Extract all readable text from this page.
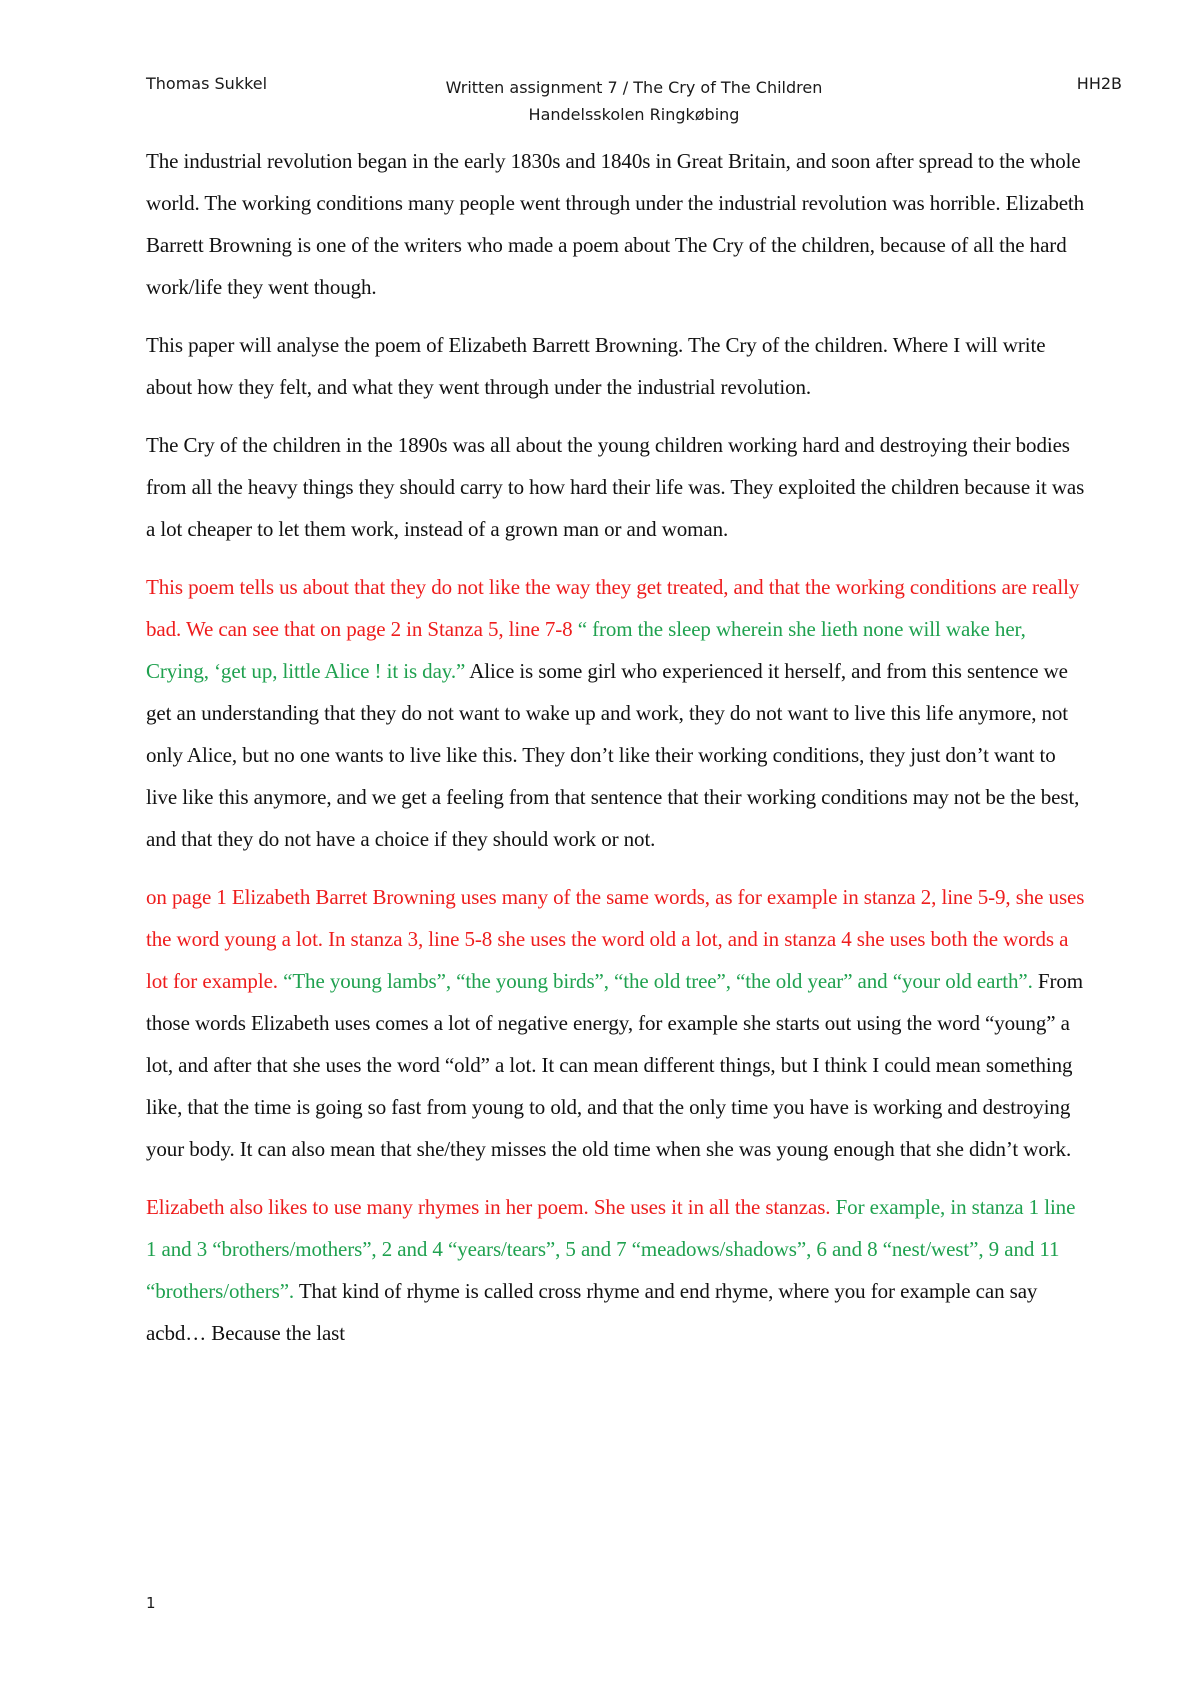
Thomas Sukkel	Written assignment 7 / The Cry of The Children
Handelsskolen Ringkøbing
HH2B

The industrial revolution began in the early 1830s and 1840s in Great Britain, and soon after spread to the whole world. The working conditions many people went through under the industrial revolution was horrible. Elizabeth Barrett Browning is one of the writers who made a poem about The Cry of the children, because of all the hard work/life they went though.

This paper will analyse the poem of Elizabeth Barrett Browning. The Cry of the children. Where I will write about how they felt, and what they went through under the industrial revolution.

The Cry of the children in the 1890s was all about the young children working hard and destroying their bodies from all the heavy things they should carry to how hard their life was. They exploited the children because it was a lot cheaper to let them work, instead of a grown man or and woman.

This poem tells us about that they do not like the way they get treated, and that the working conditions are really bad. We can see that on page 2 in Stanza 5, line 7-8 “ from the sleep wherein she lieth none will wake her, Crying, ‘get up, little Alice ! it is day.” Alice is some girl who experienced it herself, and from this sentence we get an understanding that they do not want to wake up and work, they do not want to live this life anymore, not only Alice, but no one wants to live like this. They don’t like their working conditions, they just don’t want to live like this anymore, and we get a feeling from that sentence that their working conditions may not be the best, and that they do not have a choice if they should work or not.

on page 1 Elizabeth Barret Browning uses many of the same words, as for example in stanza 2, line 5-9, she uses the word young a lot. In stanza 3, line 5-8 she uses the word old a lot, and in stanza 4 she uses both the words a lot for example. “The young lambs”, “the young birds”, “the old tree”, “the old year” and “your old earth”. From those words Elizabeth uses comes a lot of negative energy, for example she starts out using the word “young” a lot, and after that she uses the word “old” a lot. It can mean different things, but I think I could mean something like, that the time is going so fast from young to old, and that the only time you have is working and destroying your body. It can also mean that she/they misses the old time when she was young enough that she didn’t work.

Elizabeth also likes to use many rhymes in her poem. She uses it in all the stanzas. For example, in stanza 1 line 1 and 3 “brothers/mothers”, 2 and 4 “years/tears”, 5 and 7 “meadows/shadows”, 6 and 8 “nest/west”, 9 and 11 “brothers/others”. That kind of rhyme is called cross rhyme and end rhyme, where you for example can say acbd… Because the last

1
